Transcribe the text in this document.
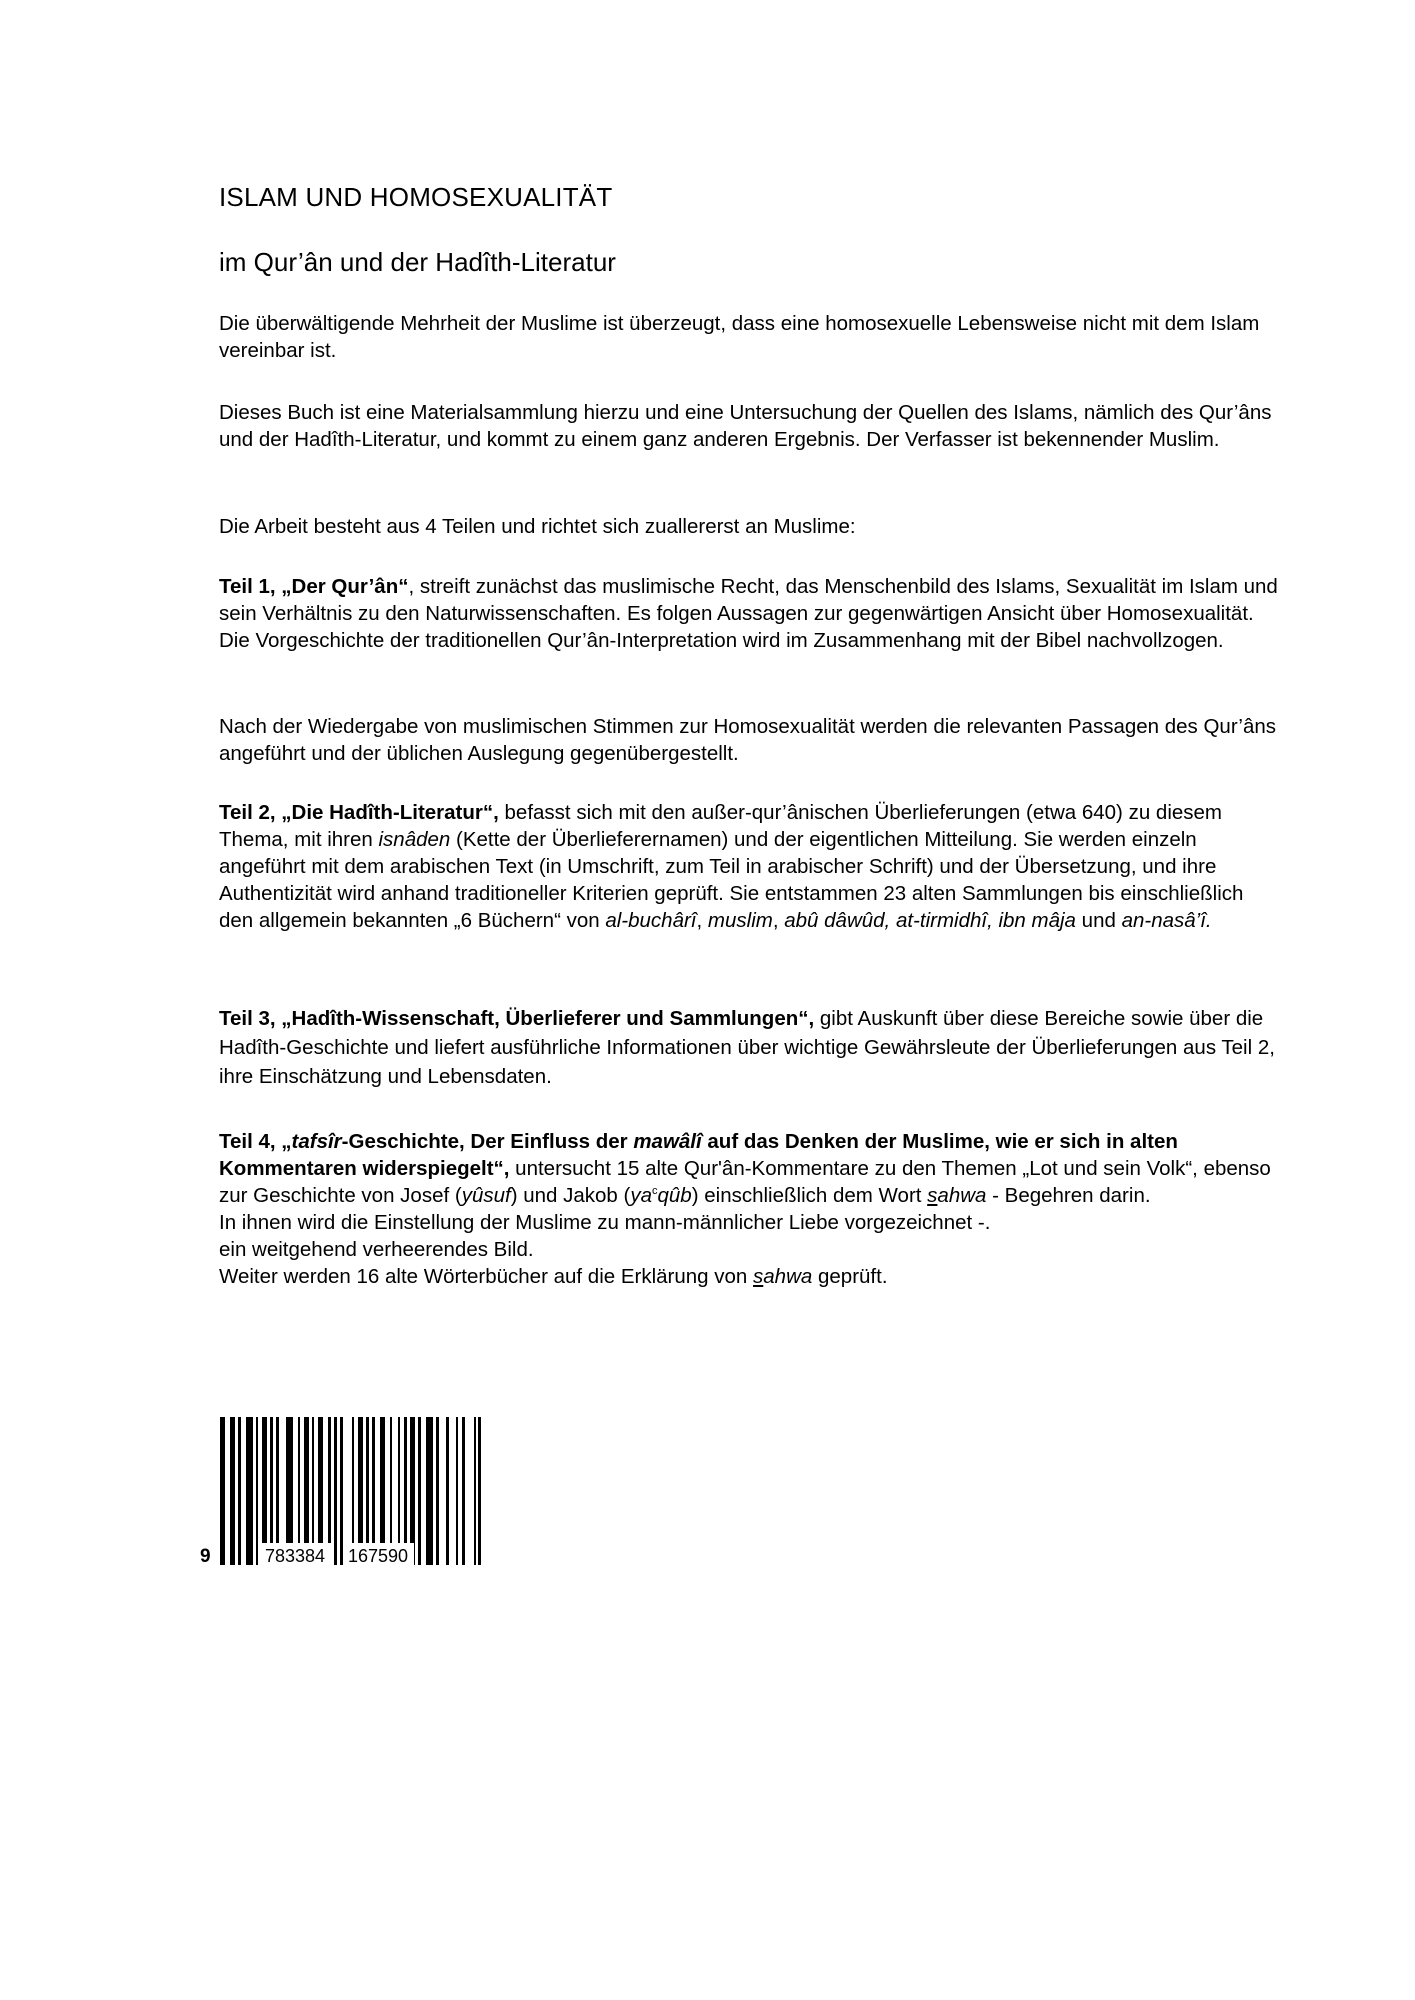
ISLAM UND HOMOSEXUALITÄT
im Qur’ân und der Hadîth-Literatur

Die überwältigende Mehrheit der Muslime ist überzeugt, dass eine homosexuelle Lebensweise nicht mit dem Islam vereinbar ist.

Dieses Buch ist eine Materialsammlung hierzu und eine Untersuchung der Quellen des Islams, nämlich des Qur’âns und der Hadîth-Literatur, und kommt zu einem ganz anderen Ergebnis. Der Verfasser ist bekennender Muslim.

Die Arbeit besteht aus 4 Teilen und richtet sich zuallererst an Muslime:

Teil 1, „Der Qur’ân“, streift zunächst das muslimische Recht, das Menschenbild des Islams, Sexualität im Islam und sein Verhältnis zu den Naturwissenschaften. Es folgen Aussagen zur gegenwärtigen Ansicht über Homosexualität. Die Vorgeschichte der traditionellen Qur’ân-Interpretation wird im Zusammenhang mit der Bibel nachvollzogen.

Nach der Wiedergabe von muslimischen Stimmen zur Homosexualität werden die relevanten Passagen des Qur’âns angeführt und der üblichen Auslegung gegenübergestellt.

Teil 2, „Die Hadîth-Literatur“, befasst sich mit den außer-qur’ânischen Überlieferungen (etwa 640) zu diesem Thema, mit ihren isnâden (Kette der Überlieferernamen) und der eigentlichen Mitteilung. Sie werden einzeln angeführt mit dem arabischen Text (in Umschrift, zum Teil in arabischer Schrift) und der Übersetzung, und ihre Authentizität wird anhand traditioneller Kriterien geprüft. Sie entstammen 23 alten Sammlungen bis einschließlich den allgemein bekannten „6 Büchern“ von al-buchârî, muslim, abû dâwûd, at-tirmidhî, ibn mâja und an-nasâ’î.

Teil 3, „Hadîth-Wissenschaft, Überlieferer und Sammlungen“, gibt Auskunft über diese Bereiche sowie über die Hadîth-Geschichte und liefert ausführliche Informationen über wichtige Gewährsleute der Überlieferungen aus Teil 2, ihre Einschätzung und Lebensdaten.

Teil 4, „tafsîr-Geschichte, Der Einfluss der mawâlî auf das Denken der Muslime, wie er sich in alten Kommentaren widerspiegelt“, untersucht 15 alte Qur'ân-Kommentare zu den Themen „Lot und sein Volk“, ebenso zur Geschichte von Josef (yûsuf) und Jakob $(ya^cqûb)$ einschließlich dem Wort sahwa - Begehren darin.

In ihnen wird die Einstellung der Muslime zu mann-männlicher Liebe vorgezeichnet -.

ein weitgehend verheerendes Bild.

Weiter werden 16 alte Wörterbücher auf die Erklärung von sahwa geprüft.

9	783384 167590
